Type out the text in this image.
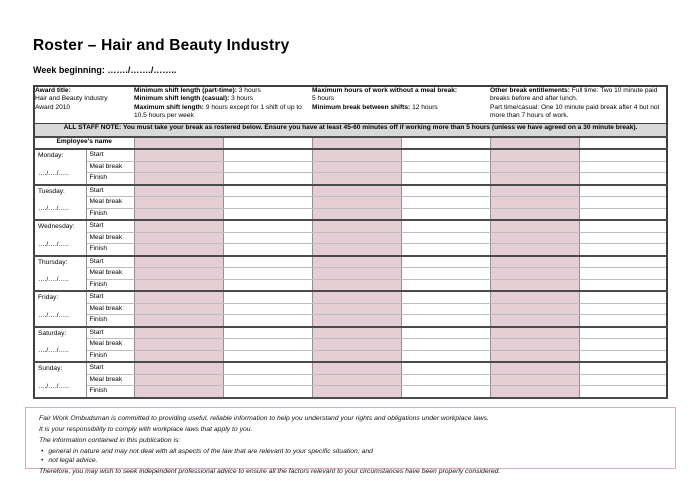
Roster – Hair and Beauty Industry
Week beginning: ……./……./……..
Award title:
Hair and Beauty Industry
Award 2010

Minimum shift length (part-time): 3 hours
Minimum shift length (casual): 3 hours
Maximum shift length: 9 hours except for 1 shift of up to 10.5 hours per week

Maximum hours of work without a meal break:
5 hours
Minimum break between shifts: 12 hours

Other break entitlements: Full time: Two 10 minute paid breaks before and after lunch.
Part time/casual: One 10 minute paid break after 4 but not more than 7 hours of work.

ALL STAFF NOTE: You must take your break as rostered below. Ensure you have at least 45-60 minutes off if working more than 5 hours (unless we have agreed on a 30 minute break).							
Employee’s name							

Monday:
…./…./…..	Start						
	Meal break						
	Finish						

Tuesday:
…./…./…..	Start						
	Meal break						
	Finish						

Wednesday:
…./…./…..	Start						
	Meal break						
	Finish						

Thursday:
…./…./…..	Start						
	Meal break						
	Finish						

Friday:
…./…./…..	Start						
	Meal break						
	Finish						

Saturday:
…./…./…..	Start						
	Meal break						
	Finish						

Sunday:
…./…./…..	Start						
	Meal break						
	Finish						

Fair Work Ombudsman is committed to providing useful, reliable information to help you understand your rights and obligations under workplace laws.

It is your responsibility to comply with workplace laws that apply to you.

The information contained in this publication is:

• general in nature and may not deal with all aspects of the law that are relevant to your specific situation; and
• not legal advice.

Therefore, you may wish to seek independent professional advice to ensure all the factors relevant to your circumstances have been properly considered.
